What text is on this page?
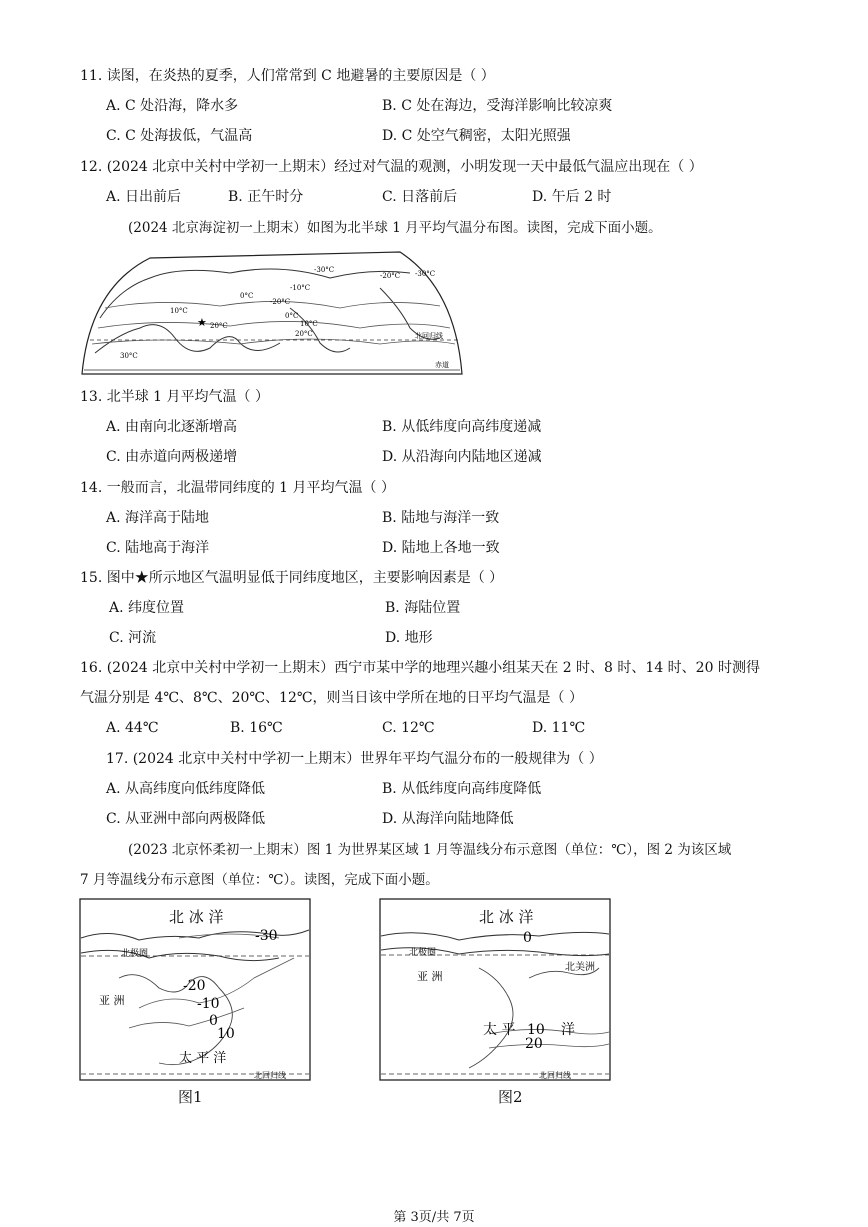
11. 读图，在炎热的夏季，人们常常到 C 地避暑的主要原因是（ ）
A. C 处沿海，降水多	B. C 处在海边，受海洋影响比较凉爽
C. C 处海拔低，气温高	D. C 处空气稠密，太阳光照强
12. (2024 北京中关村中学初一上期末）经过对气温的观测，小明发现一天中最低气温应出现在（ ）
A. 日出前后	B. 正午时分	C. 日落前后	D. 午后 2 时
(2024 北京海淀初一上期末）如图为北半球 1 月平均气温分布图。读图，完成下面小题。
-30°C
-10°C
0°C
10°C
20°C
30°C
-20°C
0°C
10°C
20°C	北回归线
赤道
-20°C -30°C
★
13. 北半球 1 月平均气温（ ）
A. 由南向北逐渐增高	B. 从低纬度向高纬度递减
C. 由赤道向两极递增	D. 从沿海向内陆地区递减
14. 一般而言，北温带同纬度的 1 月平均气温（ ）
A. 海洋高于陆地	B. 陆地与海洋一致
C. 陆地高于海洋	D. 陆地上各地一致
15. 图中★所示地区气温明显低于同纬度地区，主要影响因素是（ ）
A. 纬度位置	B. 海陆位置
C. 河流	D. 地形
16. (2024 北京中关村中学初一上期末）西宁市某中学的地理兴趣小组某天在 2 时、8 时、14 时、20 时测得
气温分别是 4℃、8℃、20℃、12℃，则当日该中学所在地的日平均气温是（ ）
A. 44℃	B. 16℃	C. 12℃	D. 11℃
17. (2024 北京中关村中学初一上期末）世界年平均气温分布的一般规律为（ ）
A. 从高纬度向低纬度降低	B. 从低纬度向高纬度降低
C. 从亚洲中部向两极降低	D. 从海洋向陆地降低
(2023 北京怀柔初一上期末）图 1 为世界某区域 1 月等温线分布示意图（单位：℃），图 2 为该区域
7 月等温线分布示意图（单位：℃）。读图，完成下面小题。
北 冰 洋
北极圈
亚 洲
太 平 洋
北回归线
-30
-20
-10
0
10
图1
北 冰 洋
北极圈
亚 洲
北美洲
太 平	洋
0
10
20
北回归线
图2
第 3页/共 7页
